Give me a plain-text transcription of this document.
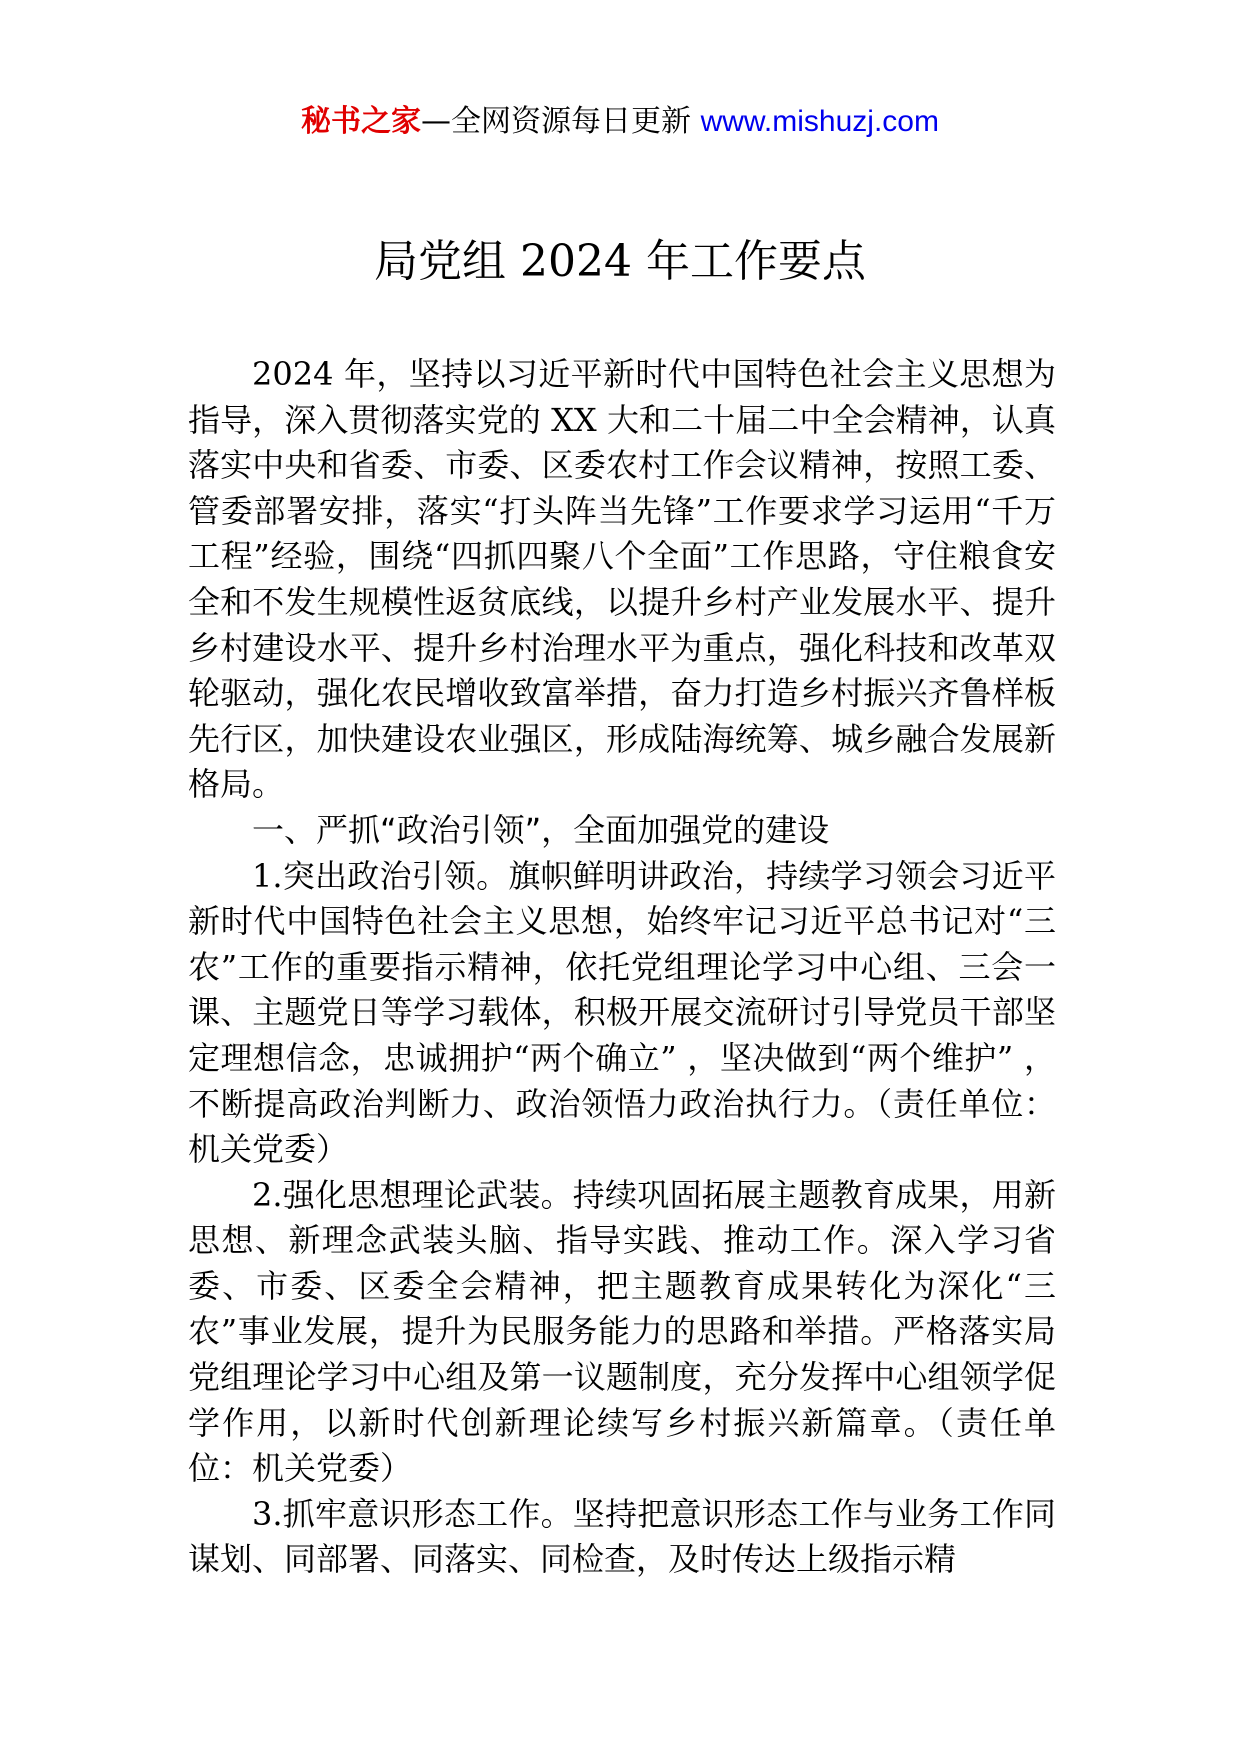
秘书之家—全网资源每日更新 www.mishuzj.com
局党组 2024 年工作要点

2024 年，坚持以习近平新时代中国特色社会主义思想为指导，深入贯彻落实党的 XX 大和二十届二中全会精神，认真落实中央和省委、市委、区委农村工作会议精神，按照工委、管委部署安排，落实“打头阵当先锋”工作要求学习运用“千万工程”经验，围绕“四抓四聚八个全面”工作思路，守住粮食安全和不发生规模性返贫底线，以提升乡村产业发展水平、提升乡村建设水平、提升乡村治理水平为重点，强化科技和改革双轮驱动，强化农民增收致富举措，奋力打造乡村振兴齐鲁样板先行区，加快建设农业强区，形成陆海统筹、城乡融合发展新格局。

一、严抓“政治引领”，全面加强党的建设

1.突出政治引领。旗帜鲜明讲政治，持续学习领会习近平新时代中国特色社会主义思想，始终牢记习近平总书记对“三农”工作的重要指示精神，依托党组理论学习中心组、三会一课、主题党日等学习载体，积极开展交流研讨引导党员干部坚定理想信念，忠诚拥护“两个确立” ，坚决做到“两个维护” ，不断提高政治判断力、政治领悟力政治执行力。（责任单位：机关党委）

2.强化思想理论武装。持续巩固拓展主题教育成果，用新思想、新理念武装头脑、指导实践、推动工作。深入学习省委、市委、区委全会精神，把主题教育成果转化为深化“三农”事业发展，提升为民服务能力的思路和举措。严格落实局党组理论学习中心组及第一议题制度，充分发挥中心组领学促学作用，以新时代创新理论续写乡村振兴新篇章。（责任单位：机关党委）

3.抓牢意识形态工作。坚持把意识形态工作与业务工作同谋划、同部署、同落实、同检查，及时传达上级指示精
